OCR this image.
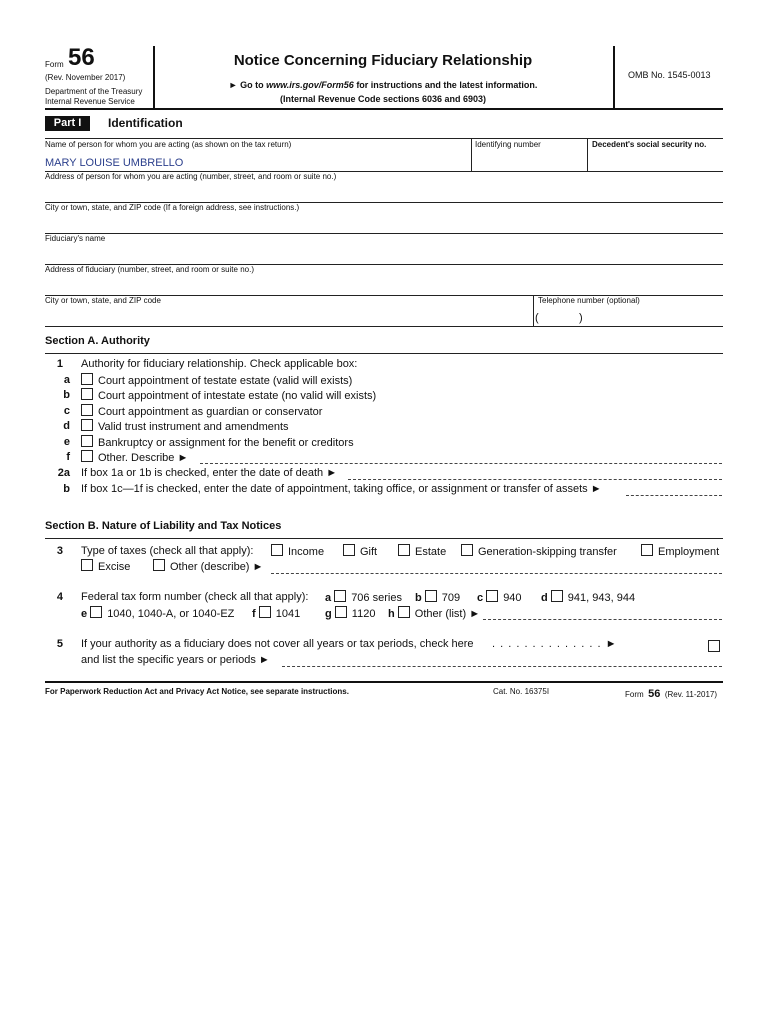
Form 56
(Rev. November 2017)
Department of the Treasury
Internal Revenue Service
Notice Concerning Fiduciary Relationship
► Go to www.irs.gov/Form56 for instructions and the latest information.
(Internal Revenue Code sections 6036 and 6903)
OMB No. 1545-0013
Part I	Identification
Name of person for whom you are acting (as shown on the tax return)
MARY LOUISE UMBRELLO
Identifying number	Decedent's social security no.
Address of person for whom you are acting (number, street, and room or suite no.)
City or town, state, and ZIP code (If a foreign address, see instructions.)
Fiduciary's name
Address of fiduciary (number, street, and room or suite no.)
City or town, state, and ZIP code	Telephone number (optional)
(	)
Section A. Authority
1 Authority for fiduciary relationship. Check applicable box:
a	Court appointment of testate estate (valid will exists)
b	Court appointment of intestate estate (no valid will exists)
c	Court appointment as guardian or conservator
d	Valid trust instrument and amendments
e	Bankruptcy or assignment for the benefit or creditors
f	Other. Describe ►
2a If box 1a or 1b is checked, enter the date of death ►
b If box 1c—1f is checked, enter the date of appointment, taking office, or assignment or transfer of assets ►
Section B. Nature of Liability and Tax Notices
3 Type of taxes (check all that apply):	Income	Gift	Estate	Generation-skipping transfer	Employment
Excise	Other (describe) ►
4 Federal tax form number (check all that apply): a 706 series b 709 c 940 d 941, 943, 944
e 1040, 1040-A, or 1040-EZ f 1041 g 1120 h Other (list) ►
5 If your authority as a fiduciary does not cover all years or tax periods, check here . . . . . . . . . . . . . . ►
and list the specific years or periods ►
For Paperwork Reduction Act and Privacy Act Notice, see separate instructions.	Cat. No. 16375I	Form 56 (Rev. 11-2017)
